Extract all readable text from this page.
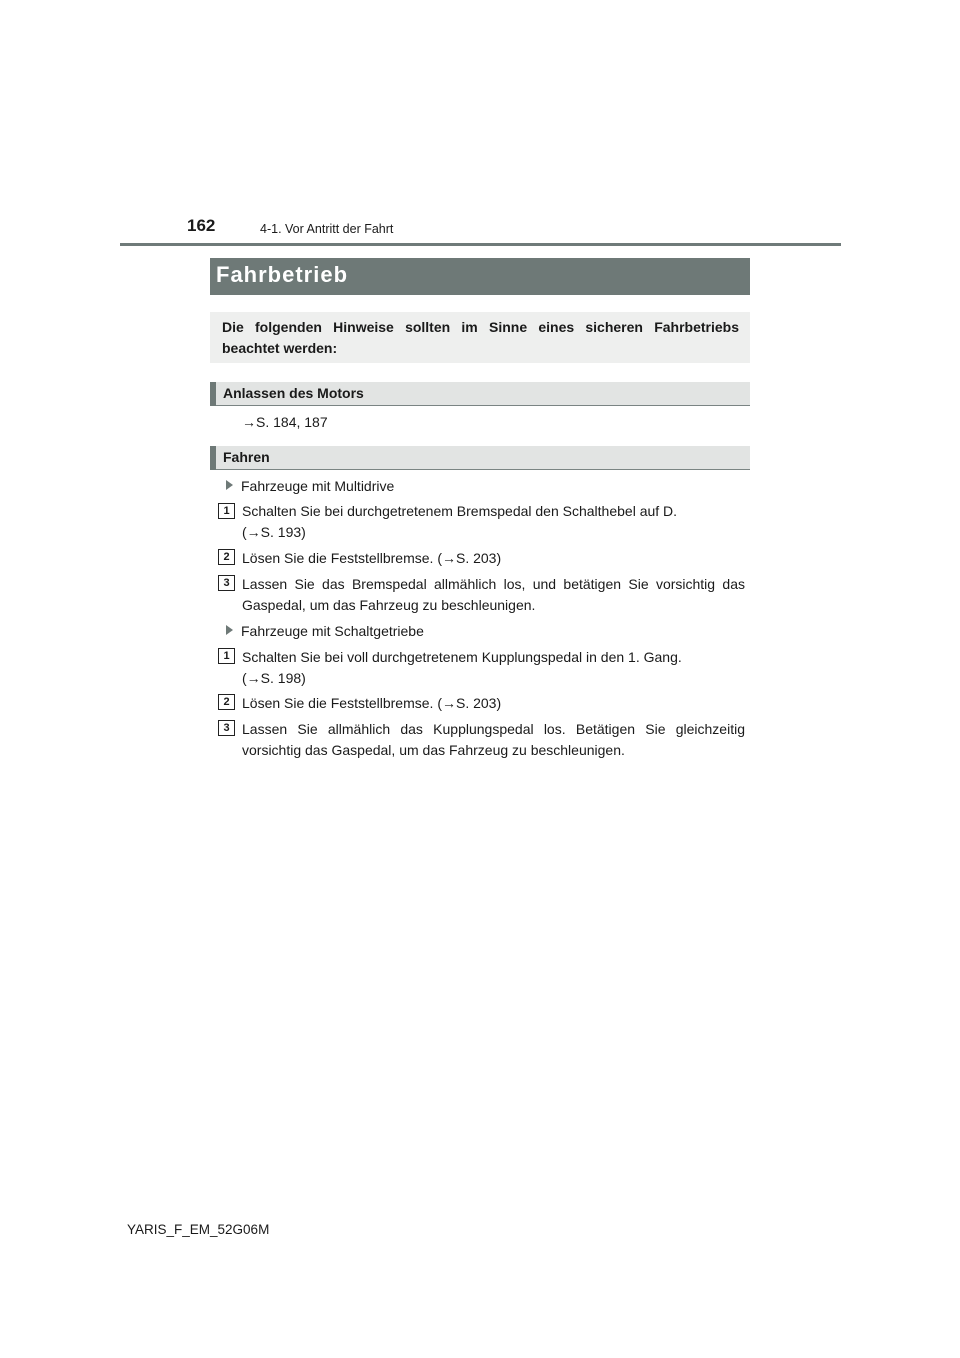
162	4-1. Vor Antritt der Fahrt
Fahrbetrieb
Die folgenden Hinweise sollten im Sinne eines sicheren Fahrbetriebs beachtet werden:
Anlassen des Motors
→S. 184, 187
Fahren
Fahrzeuge mit Multidrive
1 Schalten Sie bei durchgetretenem Bremspedal den Schalthebel auf D.
(→S. 193)
2 Lösen Sie die Feststellbremse. (→S. 203)
3 Lassen Sie das Bremspedal allmählich los, und betätigen Sie vorsichtig das Gaspedal, um das Fahrzeug zu beschleunigen.
Fahrzeuge mit Schaltgetriebe
1 Schalten Sie bei voll durchgetretenem Kupplungspedal in den 1. Gang.
(→S. 198)
2 Lösen Sie die Feststellbremse. (→S. 203)
3 Lassen Sie allmählich das Kupplungspedal los. Betätigen Sie gleichzeitig vorsichtig das Gaspedal, um das Fahrzeug zu beschleunigen.
YARIS_F_EM_52G06M
